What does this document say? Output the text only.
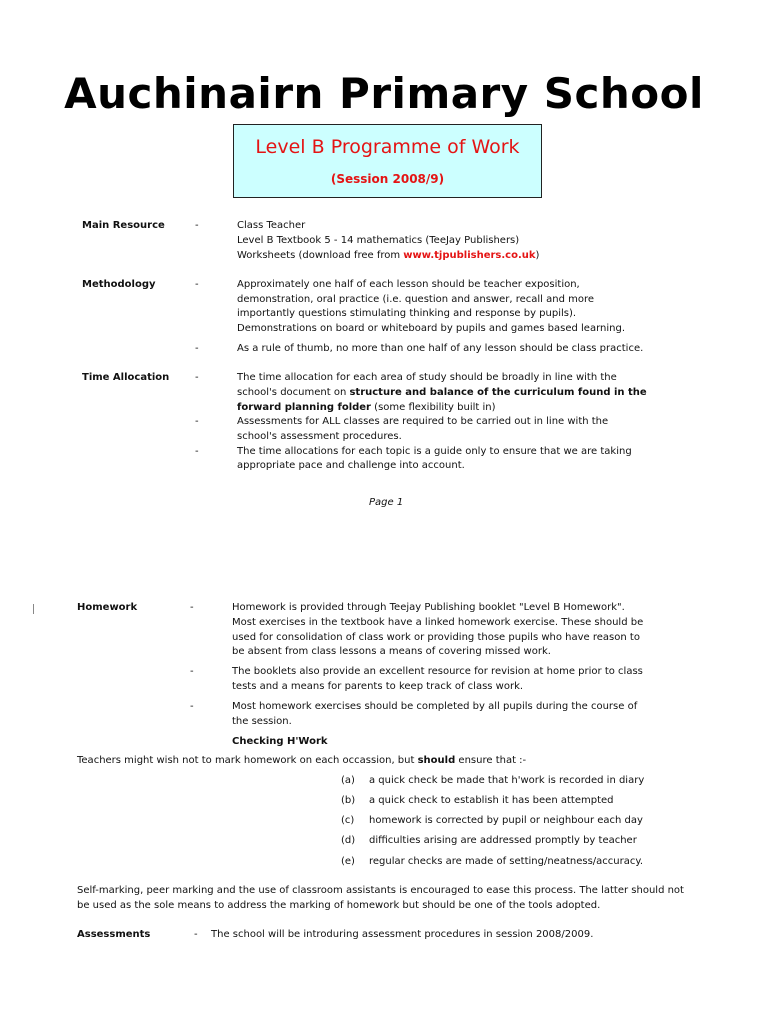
Auchinairn Primary School
Level B Programme of Work
(Session 2008/9)
Main Resource	-	Class Teacher
Level B Textbook 5 - 14 mathematics (TeeJay Publishers)
Worksheets (download free from www.tjpublishers.co.uk)
Methodology	-	Approximately one half of each lesson should be teacher exposition,
demonstration, oral practice (i.e. question and answer, recall and more
importantly questions stimulating thinking and response by pupils).
Demonstrations on board or whiteboard by pupils and games based learning.
-	As a rule of thumb, no more than one half of any lesson should be class practice.
Time Allocation	-	The time allocation for each area of study should be broadly in line with the
school's document on structure and balance of the curriculum found in the
forward planning folder (some flexibility built in)
-	Assessments for ALL classes are required to be carried out in line with the
school's assessment procedures.
-	The time allocations for each topic is a guide only to ensure that we are taking
appropriate pace and challenge into account.
Page 1
Homework	-	Homework is provided through Teejay Publishing booklet "Level B Homework".
Most exercises in the textbook have a linked homework exercise. These should be
used for consolidation of class work or providing those pupils who have reason to
be absent from class lessons a means of covering missed work.
-	The booklets also provide an excellent resource for revision at home prior to class
tests and a means for parents to keep track of class work.
-	Most homework exercises should be completed by all pupils during the course of
the session.
Checking H'Work
Teachers might wish not to mark homework on each occassion, but should ensure that :-
(a) a quick check be made that h'work is recorded in diary
(b) a quick check to establish it has been attempted
(c) homework is corrected by pupil or neighbour each day
(d) difficulties arising are addressed promptly by teacher
(e) regular checks are made of setting/neatness/accuracy.
Self-marking, peer marking and the use of classroom assistants is encouraged to ease this process. The latter should not
be used as the sole means to address the marking of homework but should be one of the tools adopted.
Assessments	- The school will be introduring assessment procedures in session 2008/2009.
